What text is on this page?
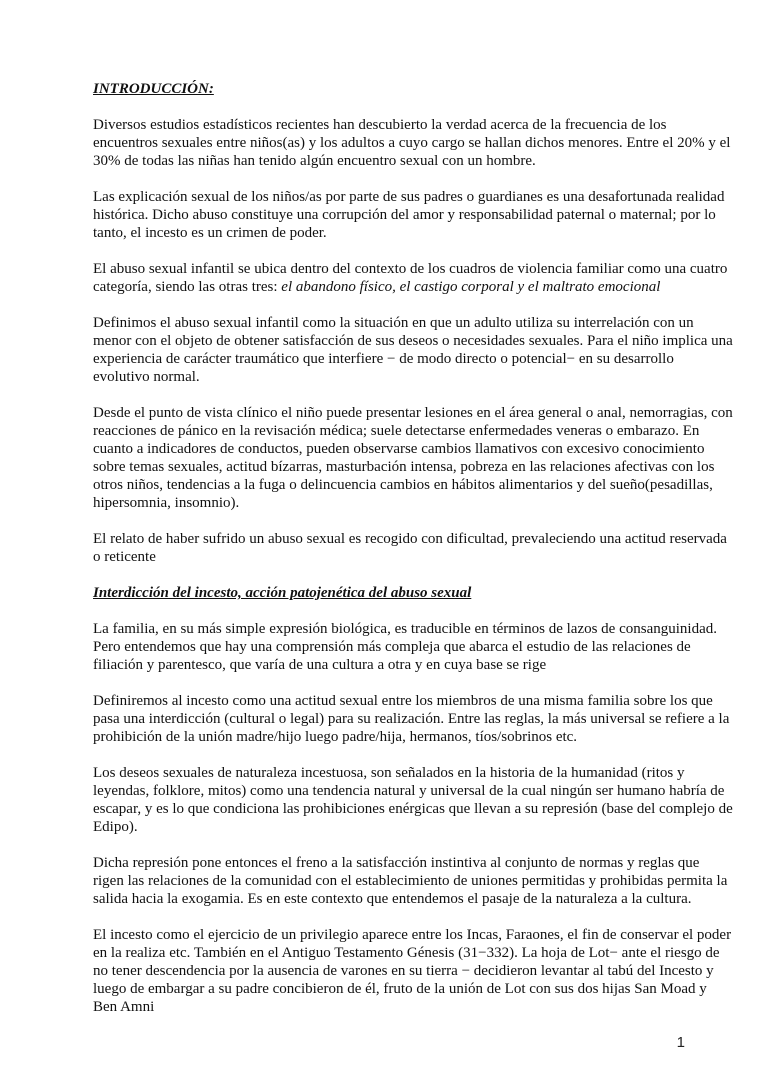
INTRODUCCIÓN:

Diversos estudios estadísticos recientes han descubierto la verdad acerca de la frecuencia de los encuentros sexuales entre niños(as) y los adultos a cuyo cargo se hallan dichos menores. Entre el 20% y el 30% de todas las niñas han tenido algún encuentro sexual con un hombre.

Las explicación sexual de los niños/as por parte de sus padres o guardianes es una desafortunada realidad histórica. Dicho abuso constituye una corrupción del amor y responsabilidad paternal o maternal; por lo tanto, el incesto es un crimen de poder.

El abuso sexual infantil se ubica dentro del contexto de los cuadros de violencia familiar como una cuatro categoría, siendo las otras tres: el abandono físico, el castigo corporal y el maltrato emocional

Definimos el abuso sexual infantil como la situación en que un adulto utiliza su interrelación con un menor con el objeto de obtener satisfacción de sus deseos o necesidades sexuales. Para el niño implica una experiencia de carácter traumático que interfiere − de modo directo o potencial− en su desarrollo evolutivo normal.

Desde el punto de vista clínico el niño puede presentar lesiones en el área general o anal, nemorragias, con reacciones de pánico en la revisación médica; suele detectarse enfermedades veneras o embarazo. En cuanto a indicadores de conductos, pueden observarse cambios llamativos con excesivo conocimiento sobre temas sexuales, actitud bízarras, masturbación intensa, pobreza en las relaciones afectivas con los otros niños, tendencias a la fuga o delincuencia cambios en hábitos alimentarios y del sueño(pesadillas, hipersomnia, insomnio).

El relato de haber sufrido un abuso sexual es recogido con dificultad, prevaleciendo una actitud reservada o reticente

Interdicción del incesto, acción patojenética del abuso sexual

La familia, en su más simple expresión biológica, es traducible en términos de lazos de consanguinidad. Pero entendemos que hay una comprensión más compleja que abarca el estudio de las relaciones de filiación y parentesco, que varía de una cultura a otra y en cuya base se rige

Definiremos al incesto como una actitud sexual entre los miembros de una misma familia sobre los que pasa una interdicción (cultural o legal) para su realización. Entre las reglas, la más universal se refiere a la prohibición de la unión madre/hijo luego padre/hija, hermanos, tíos/sobrinos etc.

Los deseos sexuales de naturaleza incestuosa, son señalados en la historia de la humanidad (ritos y leyendas, folklore, mitos) como una tendencia natural y universal de la cual ningún ser humano habría de escapar, y es lo que condiciona las prohibiciones enérgicas que llevan a su represión (base del complejo de Edipo).

Dicha represión pone entonces el freno a la satisfacción instintiva al conjunto de normas y reglas que rigen las relaciones de la comunidad con el establecimiento de uniones permitidas y prohibidas permita la salida hacia la exogamia. Es en este contexto que entendemos el pasaje de la naturaleza a la cultura.

El incesto como el ejercicio de un privilegio aparece entre los Incas, Faraones, el fin de conservar el poder en la realiza etc. También en el Antiguo Testamento Génesis (31−332). La hoja de Lot− ante el riesgo de no tener descendencia por la ausencia de varones en su tierra − decidieron levantar al tabú del Incesto y luego de embargar a su padre concibieron de él, fruto de la unión de Lot con sus dos hijas San Moad y Ben Amni

1
